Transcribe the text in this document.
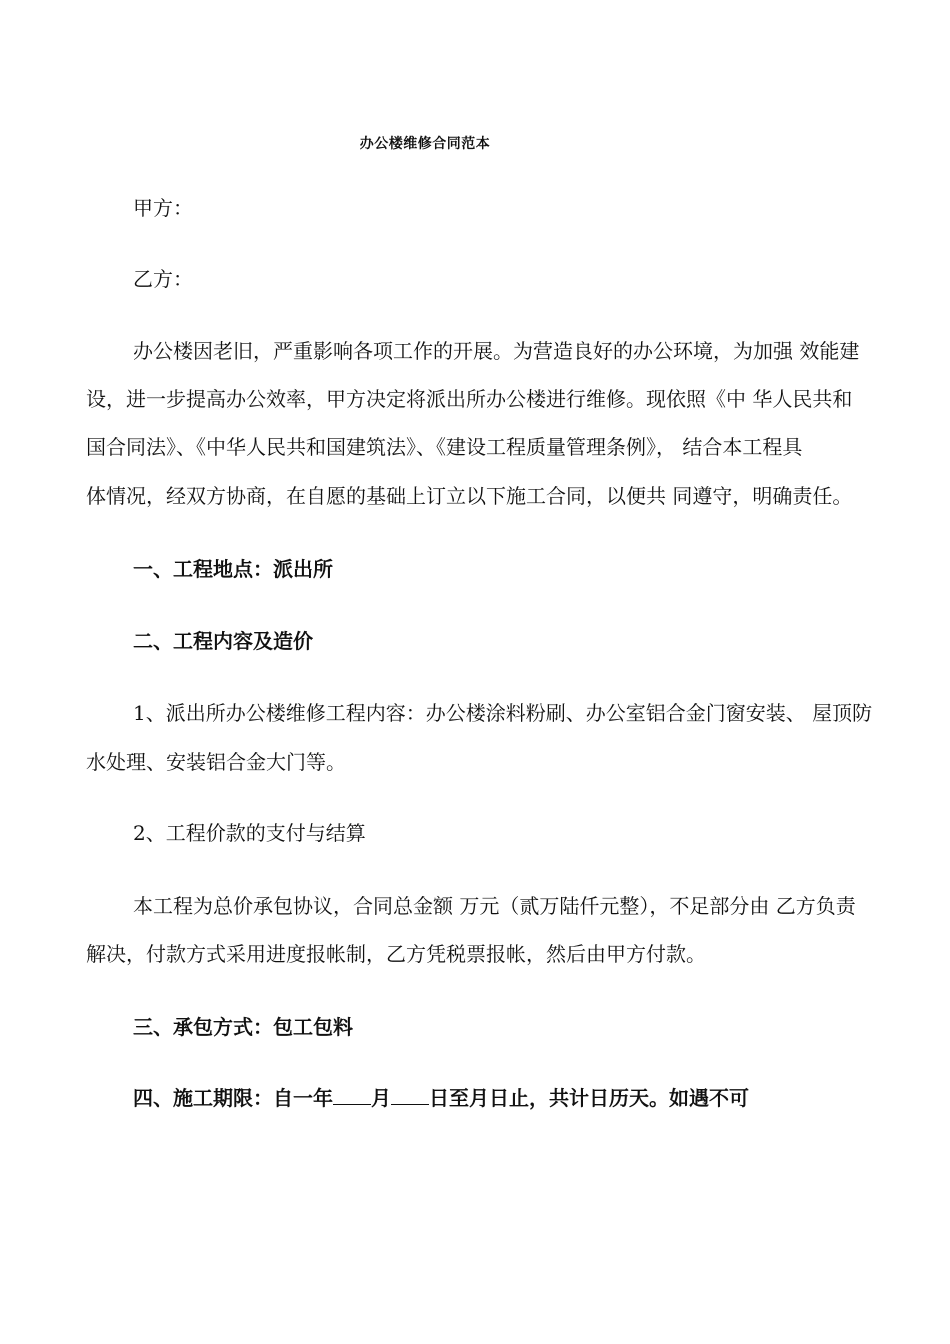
办公楼维修合同范本
甲方：
乙方：
办公楼因老旧，严重影响各项工作的开展。为营造良好的办公环境，为加强 效能建
设，进一步提高办公效率，甲方决定将派出所办公楼进行维修。现依照《中 华人民共和
国合同法》、《中华人民共和国建筑法》、《建设工程质量管理条例》， 结合本工程具
体情况，经双方协商，在自愿的基础上订立以下施工合同，以便共 同遵守，明确责任。
一、工程地点：派出所
二、工程内容及造价
1、派出所办公楼维修工程内容：办公楼涂料粉刷、办公室铝合金门窗安装、 屋顶防
水处理、安装铝合金大门等。
2、工程价款的支付与结算
本工程为总价承包协议，合同总金额 万元（贰万陆仟元整），不足部分由 乙方负责
解决，付款方式采用进度报帐制，乙方凭税票报帐，然后由甲方付款。
三、承包方式：包工包料
四、施工期限：自一年 月 日至月日止，共计日历天。如遇不可
